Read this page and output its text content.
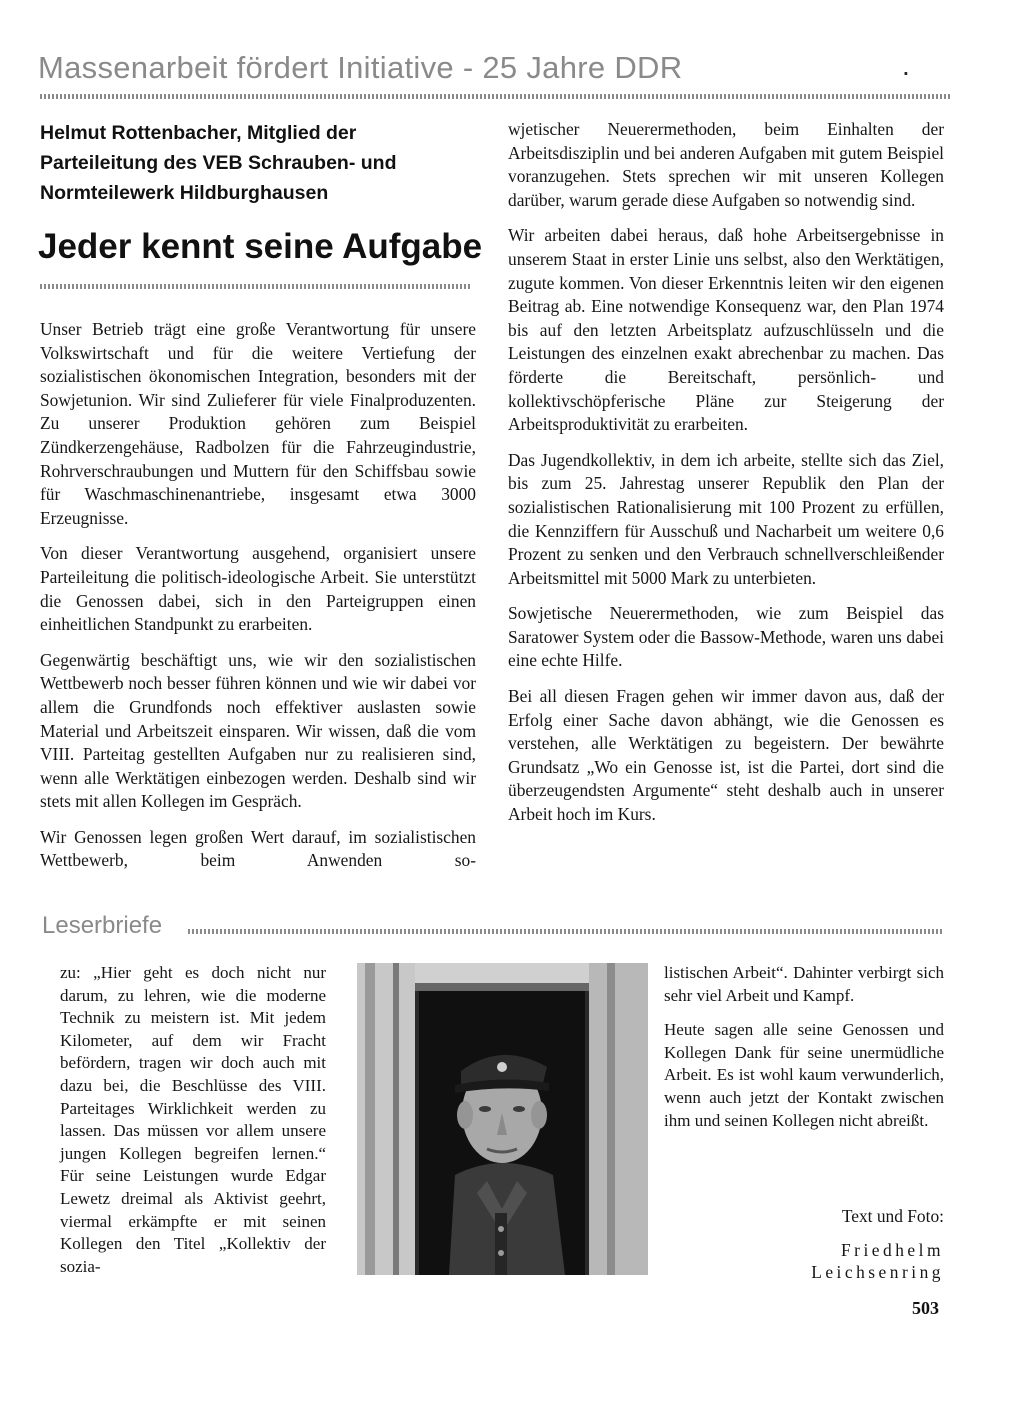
Massenarbeit fördert Initiative - 25 Jahre DDR	.
Helmut Rottenbacher, Mitglied der
Parteileitung des VEB Schrauben- und
Normteilewerk Hildburghausen
Jeder kennt seine Aufgabe

Unser Betrieb trägt eine große Verantwortung für unsere Volkswirtschaft und für die weitere Vertiefung der sozialistischen ökonomischen Integration, besonders mit der Sowjetunion. Wir sind Zulieferer für viele Finalproduzenten. Zu unserer Produktion gehören zum Beispiel Zündkerzengehäuse, Radbolzen für die Fahrzeugindustrie, Rohrverschraubungen und Muttern für den Schiffsbau sowie für Waschmaschinenantriebe, insgesamt etwa 3000 Erzeugnisse.

Von dieser Verantwortung ausgehend, organisiert unsere Parteileitung die politisch-ideologische Arbeit. Sie unterstützt die Genossen dabei, sich in den Parteigruppen einen einheitlichen Standpunkt zu erarbeiten.

Gegenwärtig beschäftigt uns, wie wir den sozialistischen Wettbewerb noch besser führen können und wie wir dabei vor allem die Grundfonds noch effektiver auslasten sowie Material und Arbeitszeit einsparen. Wir wissen, daß die vom VIII. Parteitag gestellten Aufgaben nur zu realisieren sind, wenn alle Werktätigen einbezogen werden. Deshalb sind wir stets mit allen Kollegen im Gespräch.

Wir Genossen legen großen Wert darauf, im sozialistischen Wettbewerb, beim Anwenden so-

wjetischer Neuerermethoden, beim Einhalten der Arbeitsdisziplin und bei anderen Aufgaben mit gutem Beispiel voranzugehen. Stets sprechen wir mit unseren Kollegen darüber, warum gerade diese Aufgaben so notwendig sind.

Wir arbeiten dabei heraus, daß hohe Arbeitsergebnisse in unserem Staat in erster Linie uns selbst, also den Werktätigen, zugute kommen. Von dieser Erkenntnis leiten wir den eigenen Beitrag ab. Eine notwendige Konsequenz war, den Plan 1974 bis auf den letzten Arbeitsplatz aufzuschlüsseln und die Leistungen des einzelnen exakt abrechenbar zu machen. Das förderte die Bereitschaft, persönlich- und kollektivschöpferische Pläne zur Steigerung der Arbeitsproduktivität zu erarbeiten.

Das Jugendkollektiv, in dem ich arbeite, stellte sich das Ziel, bis zum 25. Jahrestag unserer Republik den Plan der sozialistischen Rationalisierung mit 100 Prozent zu erfüllen, die Kennziffern für Ausschuß und Nacharbeit um weitere 0,6 Prozent zu senken und den Verbrauch schnellverschleißender Arbeitsmittel mit 5000 Mark zu unterbieten.

Sowjetische Neuerermethoden, wie zum Beispiel das Saratower System oder die Bassow-Methode, waren uns dabei eine echte Hilfe.

Bei all diesen Fragen gehen wir immer davon aus, daß der Erfolg einer Sache davon abhängt, wie die Genossen es verstehen, alle Werktätigen zu begeistern. Der bewährte Grundsatz „Wo ein Genosse ist, ist die Partei, dort sind die überzeugendsten Argumente“ steht deshalb auch in unserer Arbeit hoch im Kurs.

Leserbriefe

zu: „Hier geht es doch nicht nur darum, zu lehren, wie die moderne Technik zu meistern ist. Mit jedem Kilometer, auf dem wir Fracht befördern, tragen wir doch auch mit dazu bei, die Beschlüsse des VIII. Parteitages Wirklichkeit werden zu lassen. Das müssen vor allem unsere jungen Kollegen begreifen lernen.“ Für seine Leistungen wurde Edgar Lewetz dreimal als Aktivist geehrt, viermal erkämpfte er mit seinen Kollegen den Titel „Kollektiv der sozia-

listischen Arbeit“. Dahinter verbirgt sich sehr viel Arbeit und Kampf.

Heute sagen alle seine Genossen und Kollegen Dank für seine unermüdliche Arbeit. Es ist wohl kaum verwunderlich, wenn auch jetzt der Kontakt zwischen ihm und seinen Kollegen nicht abreißt.

Text und Foto:
Friedhelm
Leichsenring
503
